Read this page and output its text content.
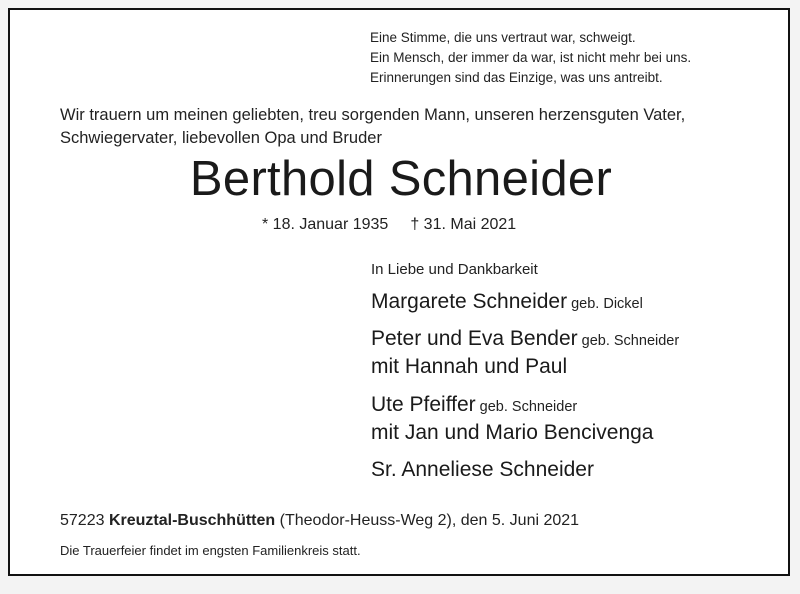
Eine Stimme, die uns vertraut war, schweigt.
Ein Mensch, der immer da war, ist nicht mehr bei uns.
Erinnerungen sind das Einzige, was uns antreibt.
Wir trauern um meinen geliebten, treu sorgenden Mann, unseren herzensguten Vater,
Schwiegervater, liebevollen Opa und Bruder
Berthold Schneider
* 18. Januar 1935 † 31. Mai 2021
In Liebe und Dankbarkeit
Margarete Schneider geb. Dickel
Peter und Eva Bender geb. Schneider
mit Hannah und Paul
Ute Pfeiffer geb. Schneider
mit Jan und Mario Bencivenga
Sr. Anneliese Schneider
57223 Kreuztal-Buschhütten (Theodor-Heuss-Weg 2), den 5. Juni 2021
Die Trauerfeier findet im engsten Familienkreis statt.
